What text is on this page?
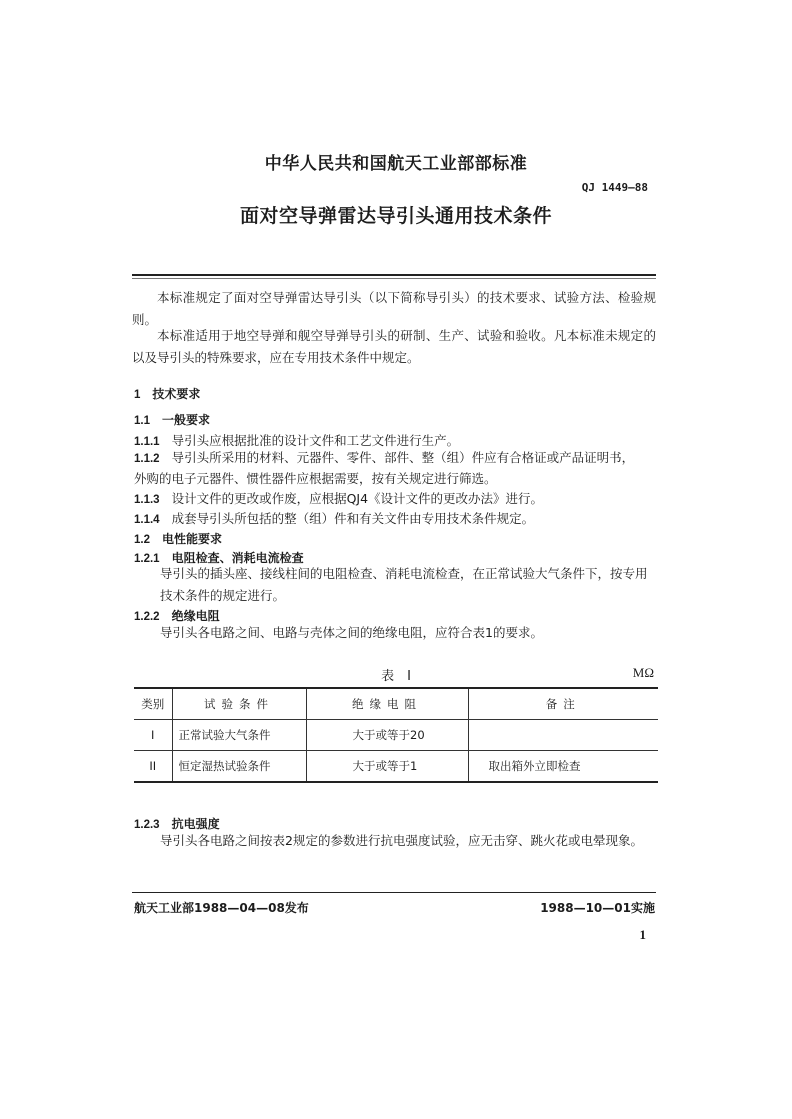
中华人民共和国航天工业部部标准
QJ 1449—88
面对空导弹雷达导引头通用技术条件
本标准规定了面对空导弹雷达导引头（以下简称导引头）的技术要求、试验方法、检验规则。
本标准适用于地空导弹和舰空导弹导引头的研制、生产、试验和验收。凡本标准未规定的以及导引头的特殊要求，应在专用技术条件中规定。
1 技术要求
1.1 一般要求
1.1.1 导引头应根据批准的设计文件和工艺文件进行生产。
1.1.2 导引头所采用的材料、元器件、零件、部件、整（组）件应有合格证或产品证明书，
外购的电子元器件、惯性器件应根据需要，按有关规定进行筛选。
1.1.3 设计文件的更改或作废，应根据QJ4《设计文件的更改办法》进行。
1.1.4 成套导引头所包括的整（组）件和有关文件由专用技术条件规定。
1.2 电性能要求
1.2.1 电阻检查、消耗电流检查
导引头的插头座、接线柱间的电阻检查、消耗电流检查，在正常试验大气条件下，按专用技术条件的规定进行。
1.2.2 绝缘电阻
导引头各电路之间、电路与壳体之间的绝缘电阻，应符合表1的要求。
表　I	MΩ
类别	试验条件	绝缘电阻	备注
I	正常试验大气条件	大于或等于20	
II	恒定湿热试验条件	大于或等于1	取出箱外立即检查
1.2.3 抗电强度
导引头各电路之间按表2规定的参数进行抗电强度试验，应无击穿、跳火花或电晕现象。
航天工业部1988—04—08发布	1988—10—01实施
1
